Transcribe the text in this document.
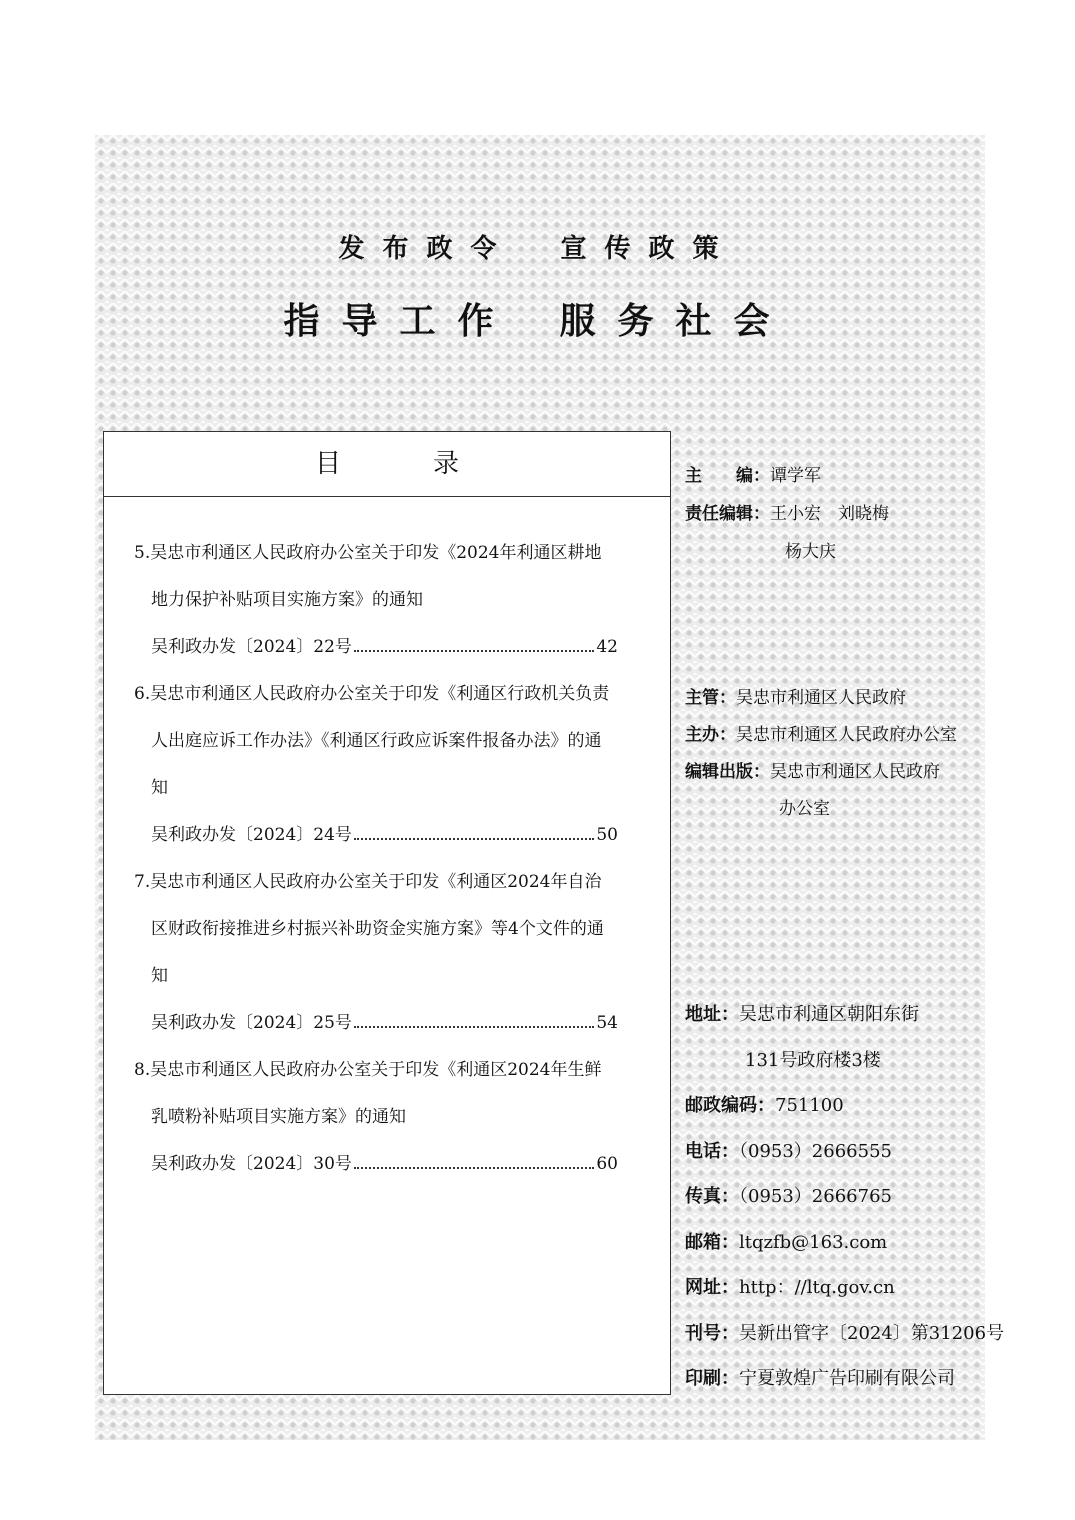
发布政令 宣传政策
指导工作 服务社会
目录
5.吴忠市利通区人民政府办公室关于印发《2024年利通区耕地地力保护补贴项目实施方案》的通知
吴利政办发〔2024〕22号	42
6.吴忠市利通区人民政府办公室关于印发《利通区行政机关负责人出庭应诉工作办法》《利通区行政应诉案件报备办法》的通知
吴利政办发〔2024〕24号	50
7.吴忠市利通区人民政府办公室关于印发《利通区2024年自治区财政衔接推进乡村振兴补助资金实施方案》等4个文件的通知
吴利政办发〔2024〕25号	54
8.吴忠市利通区人民政府办公室关于印发《利通区2024年生鲜乳喷粉补贴项目实施方案》的通知
吴利政办发〔2024〕30号	60
主　　编：谭学军
责任编辑：王小宏　刘晓梅
杨大庆
主管：吴忠市利通区人民政府
主办：吴忠市利通区人民政府办公室
编辑出版：吴忠市利通区人民政府
办公室
地址：吴忠市利通区朝阳东街
131号政府楼3楼
邮政编码：751100
电话：（0953）2666555
传真：（0953）2666765
邮箱：ltqzfb@163.com
网址：http：//ltq.gov.cn
刊号：吴新出管字〔2024〕第31206号
印刷：宁夏敦煌广告印刷有限公司
